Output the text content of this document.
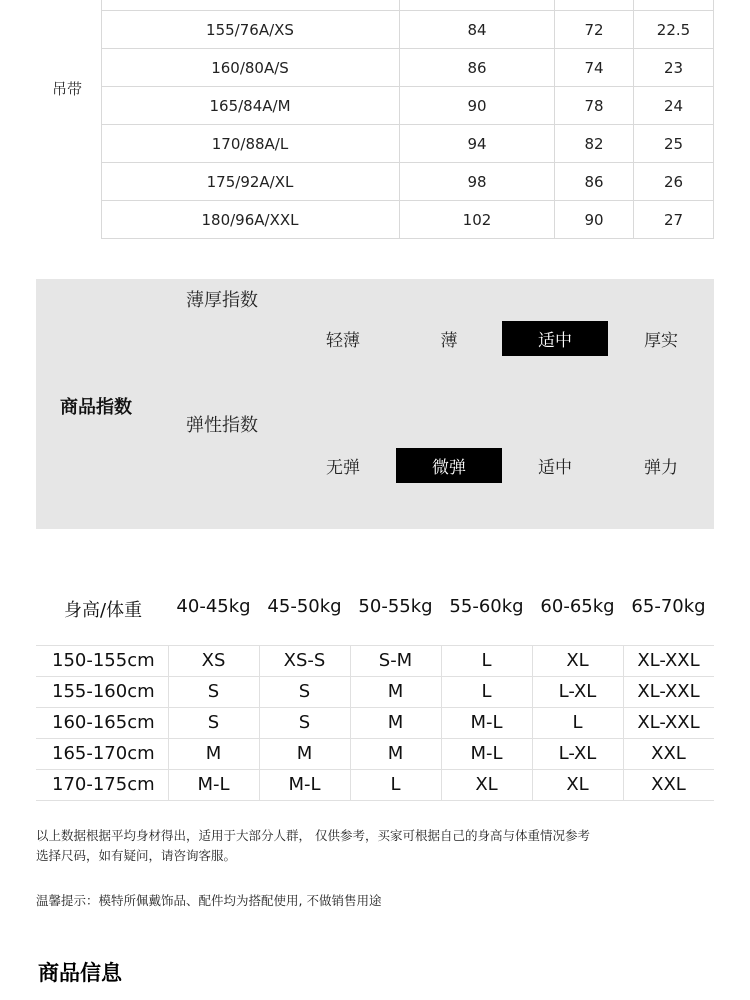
吊带
155/76A/XS	84	72	22.5
160/80A/S	86	74	23
165/84A/M	90	78	24
170/88A/L	94	82	25
175/92A/XL	98	86	26
180/96A/XXL	102	90	27
商品指数
薄厚指数
轻薄	薄	适中	厚实
弹性指数
无弹	微弹	适中	弹力
身高/体重	40-45kg 45-50kg 50-55kg 55-60kg 60-65kg 65-70kg
150-155cm	XS	XS-S	S-M	L	XL	XL-XXL
155-160cm	S	S	M	L	L-XL	XL-XXL
160-165cm	S	S	M	M-L	L	XL-XXL
165-170cm	M	M	M	M-L	L-XL	XXL
170-175cm	M-L	M-L	L	XL	XL	XXL
以上数据根据平均身材得出，适用于大部分人群， 仅供参考，买家可根据自己的身高与体重情况参考
选择尺码，如有疑问，请咨询客服。
温馨提示：模特所佩戴饰品、配件均为搭配使用, 不做销售用途
商品信息
